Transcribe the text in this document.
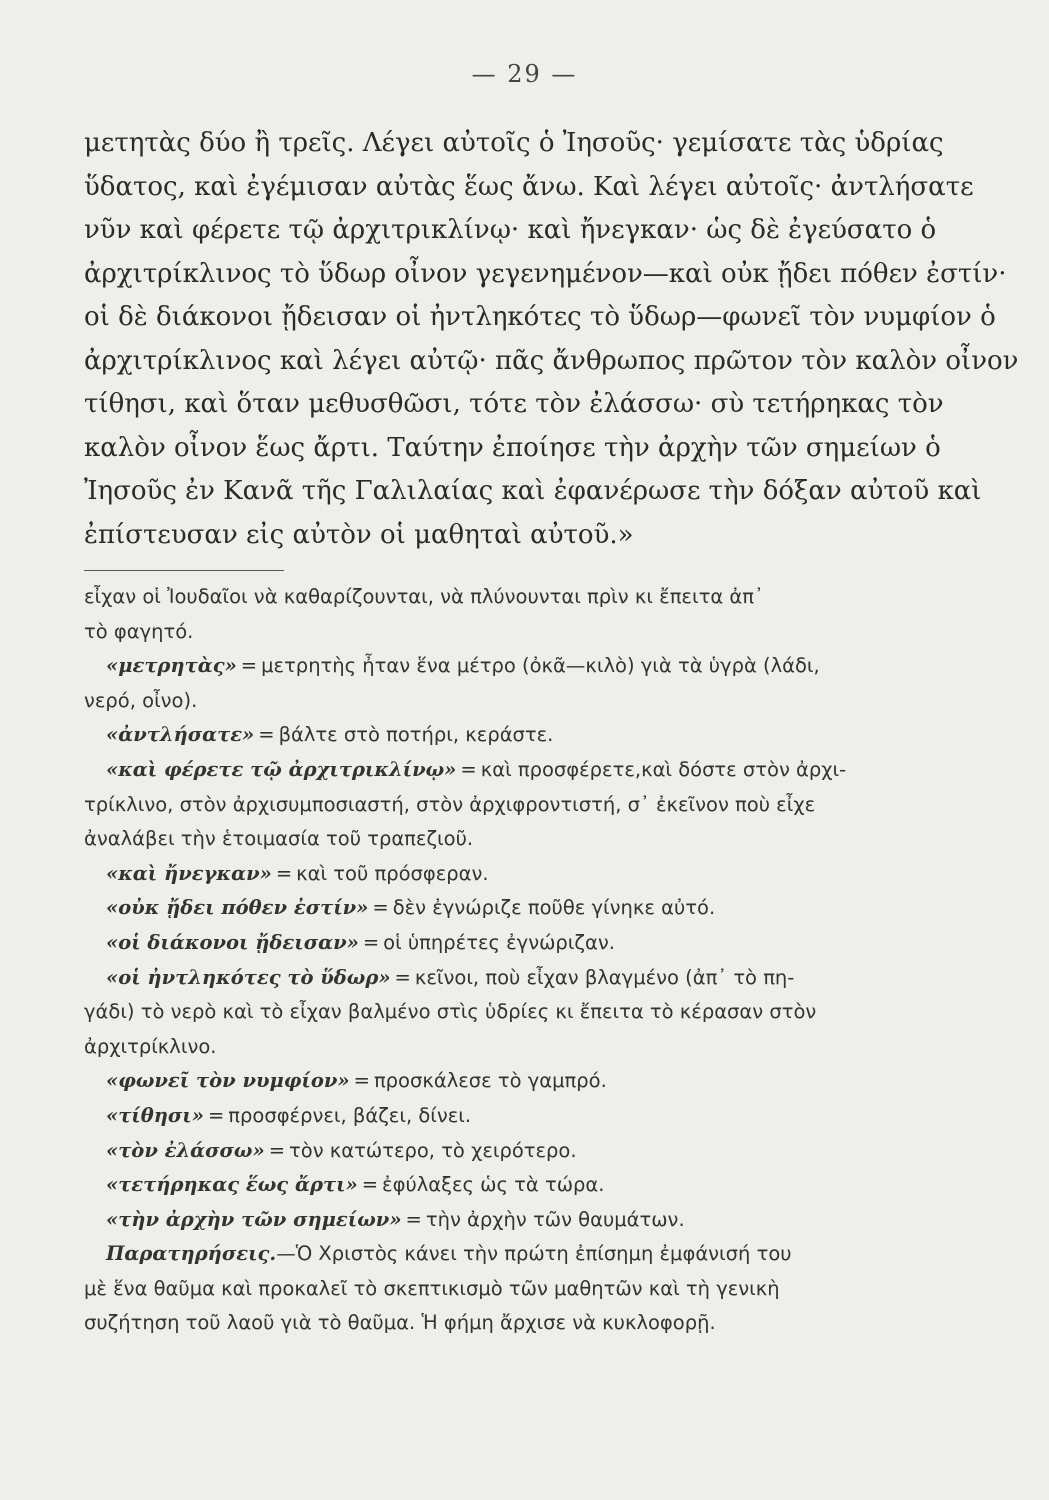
— 29 —
μετητὰς δύο ἢ τρεῖς. Λέγει αὐτοῖς ὁ Ἰησοῦς· γεμίσατε τὰς ὑδρίας
ὕδατος, καὶ ἐγέμισαν αὐτὰς ἕως ἄνω. Καὶ λέγει αὐτοῖς· ἀντλήσατε
νῦν καὶ φέρετε τῷ ἀρχιτρικλίνῳ· καὶ ἤνεγκαν· ὡς δὲ ἐγεύσατο ὁ
ἀρχιτρίκλινος τὸ ὕδωρ οἶνον γεγενημένον—καὶ οὐκ ᾔδει πόθεν ἐστίν·
οἱ δὲ διάκονοι ᾔδεισαν οἱ ἠντληκότες τὸ ὕδωρ—φωνεῖ τὸν νυμφίον ὁ
ἀρχιτρίκλινος καὶ λέγει αὐτῷ· πᾶς ἄνθρωπος πρῶτον τὸν καλὸν οἶνον
τίθησι, καὶ ὅταν μεθυσθῶσι, τότε τὸν ἐλάσσω· σὺ τετήρηκας τὸν
καλὸν οἶνον ἕως ἄρτι. Ταύτην ἐποίησε τὴν ἀρχὴν τῶν σημείων ὁ
Ἰησοῦς ἐν Κανᾶ τῆς Γαλιλαίας καὶ ἐφανέρωσε τὴν δόξαν αὐτοῦ καὶ
ἐπίστευσαν εἰς αὐτὸν οἱ μαθηταὶ αὐτοῦ.»
εἶχαν οἱ Ἰουδαῖοι νὰ καθαρίζουνται, νὰ πλύνουνται πρὶν κι ἔπειτα ἀπ᾿
τὸ φαγητό.
«μετρητὰς» = μετρητὴς ἦταν ἕνα μέτρο (ὀκᾶ—κιλὸ) γιὰ τὰ ὑγρὰ (λάδι,
νερό, οἶνο).
«ἀντλήσατε» = βάλτε στὸ ποτήρι, κεράστε.
«καὶ φέρετε τῷ ἀρχιτρικλίνῳ» = καὶ προσφέρετε,καὶ δόστε στὸν ἀρχι-
τρίκλινο, στὸν ἀρχισυμποσιαστή, στὸν ἀρχιφροντιστή, σ᾿ ἐκεῖνον ποὺ εἶχε
ἀναλάβει τὴν ἑτοιμασία τοῦ τραπεζιοῦ.
«καὶ ἤνεγκαν» = καὶ τοῦ πρόσφεραν.
«οὐκ ᾔδει πόθεν ἐστίν» = δὲν ἐγνώριζε ποῦθε γίνηκε αὐτό.
«οἱ διάκονοι ᾔδεισαν» = οἱ ὑπηρέτες ἐγνώριζαν.
«οἱ ἠντληκότες τὸ ὕδωρ» = κεῖνοι, ποὺ εἶχαν βλαγμένο (ἀπ᾿ τὸ πη-
γάδι) τὸ νερὸ καὶ τὸ εἶχαν βαλμένο στὶς ὑδρίες κι ἔπειτα τὸ κέρασαν στὸν
ἀρχιτρίκλινο.
«φωνεῖ τὸν νυμφίον» = προσκάλεσε τὸ γαμπρό.
«τίθησι» = προσφέρνει, βάζει, δίνει.
«τὸν ἐλάσσω» = τὸν κατώτερο, τὸ χειρότερο.
«τετήρηκας ἕως ἄρτι» = ἐφύλαξες ὡς τὰ τώρα.
«τὴν ἀρχὴν τῶν σημείων» = τὴν ἀρχὴν τῶν θαυμάτων.
Παρατηρήσεις.—Ὁ Χριστὸς κάνει τὴν πρώτη ἐπίσημη ἐμφάνισή του
μὲ ἕνα θαῦμα καὶ προκαλεῖ τὸ σκεπτικισμὸ τῶν μαθητῶν καὶ τὴ γενικὴ
συζήτηση τοῦ λαοῦ γιὰ τὸ θαῦμα. Ἡ φήμη ἄρχισε νὰ κυκλοφορῇ.
